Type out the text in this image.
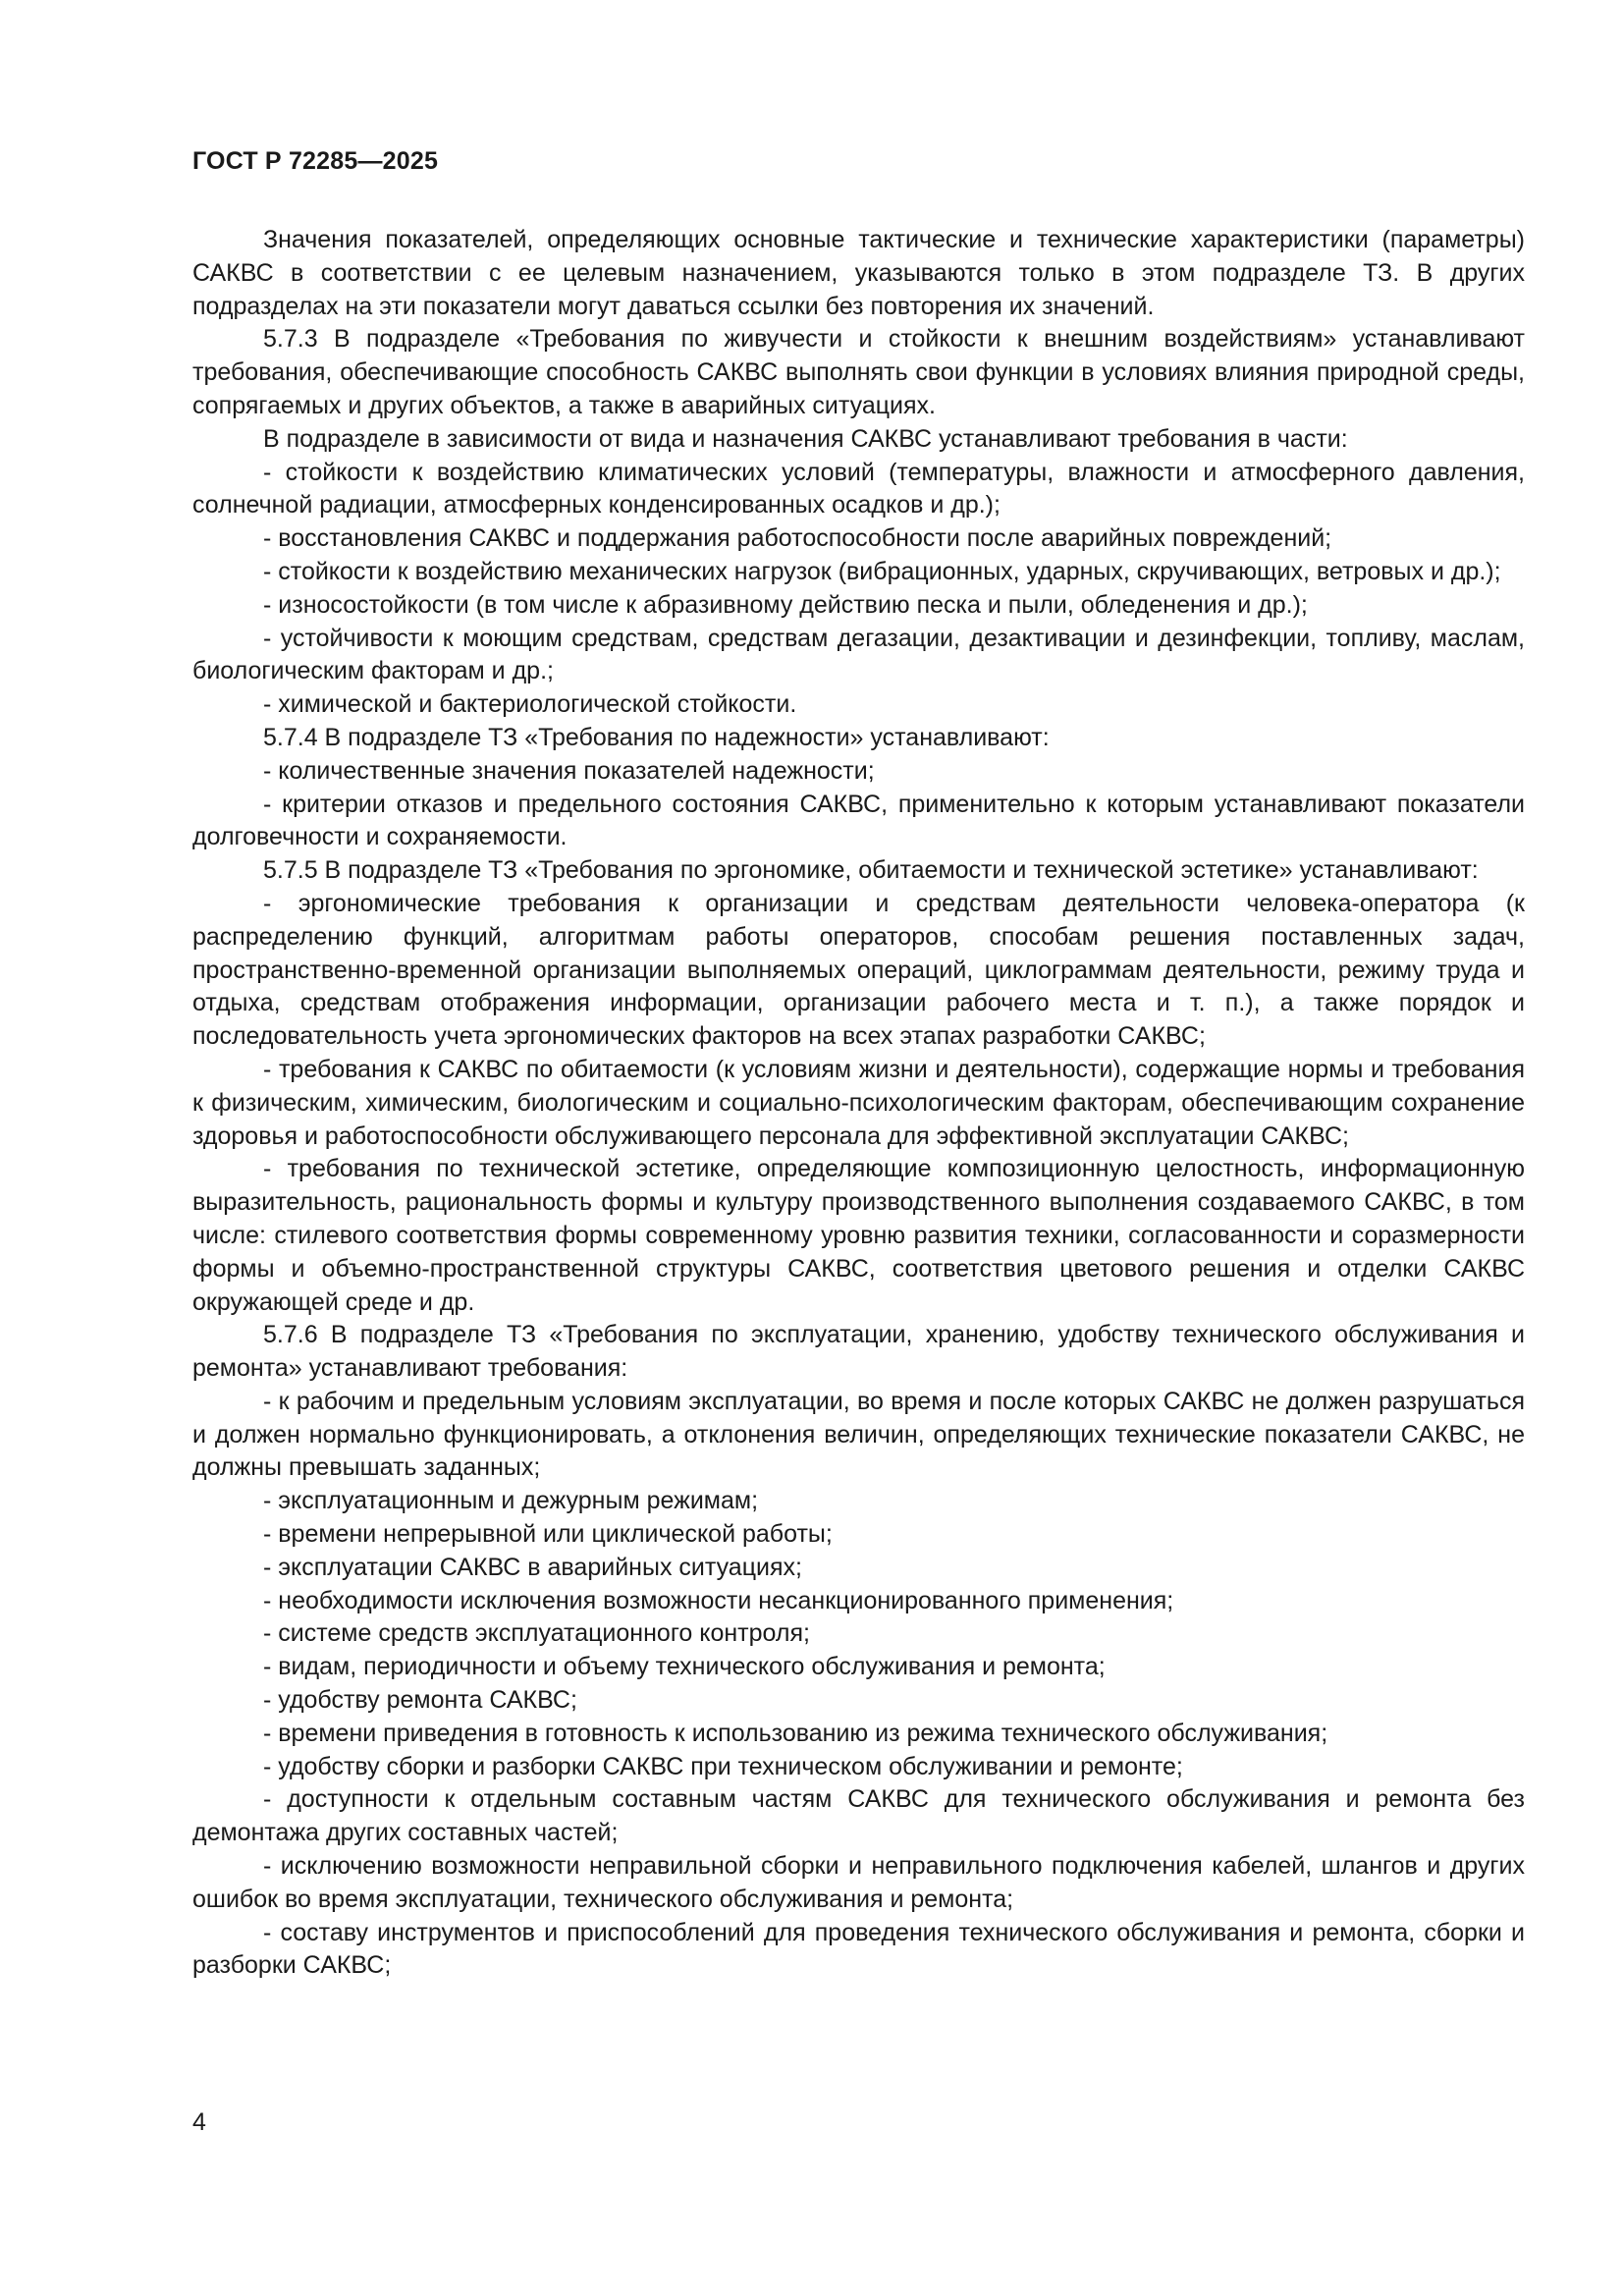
ГОСТ Р 72285—2025

Значения показателей, определяющих основные тактические и технические характеристики (параметры) САКВС в соответствии с ее целевым назначением, указываются только в этом подразделе ТЗ. В других подразделах на эти показатели могут даваться ссылки без повторения их значений.

5.7.3 В подразделе «Требования по живучести и стойкости к внешним воздействиям» устанавливают требования, обеспечивающие способность САКВС выполнять свои функции в условиях влияния природной среды, сопрягаемых и других объектов, а также в аварийных ситуациях.

В подразделе в зависимости от вида и назначения САКВС устанавливают требования в части:

- стойкости к воздействию климатических условий (температуры, влажности и атмосферного давления, солнечной радиации, атмосферных конденсированных осадков и др.);

- восстановления САКВС и поддержания работоспособности после аварийных повреждений;

- стойкости к воздействию механических нагрузок (вибрационных, ударных, скручивающих, ветровых и др.);

- износостойкости (в том числе к абразивному действию песка и пыли, обледенения и др.);

- устойчивости к моющим средствам, средствам дегазации, дезактивации и дезинфекции, топливу, маслам, биологическим факторам и др.;

- химической и бактериологической стойкости.

5.7.4 В подразделе ТЗ «Требования по надежности» устанавливают:

- количественные значения показателей надежности;

- критерии отказов и предельного состояния САКВС, применительно к которым устанавливают показатели долговечности и сохраняемости.

5.7.5 В подразделе ТЗ «Требования по эргономике, обитаемости и технической эстетике» устанавливают:

- эргономические требования к организации и средствам деятельности человека-оператора (к распределению функций, алгоритмам работы операторов, способам решения поставленных задач, пространственно-временной организации выполняемых операций, циклограммам деятельности, режиму труда и отдыха, средствам отображения информации, организации рабочего места и т. п.), а также порядок и последовательность учета эргономических факторов на всех этапах разработки САКВС;

- требования к САКВС по обитаемости (к условиям жизни и деятельности), содержащие нормы и требования к физическим, химическим, биологическим и социально-психологическим факторам, обеспечивающим сохранение здоровья и работоспособности обслуживающего персонала для эффективной эксплуатации САКВС;

- требования по технической эстетике, определяющие композиционную целостность, информационную выразительность, рациональность формы и культуру производственного выполнения создаваемого САКВС, в том числе: стилевого соответствия формы современному уровню развития техники, согласованности и соразмерности формы и объемно-пространственной структуры САКВС, соответствия цветового решения и отделки САКВС окружающей среде и др.

5.7.6 В подразделе ТЗ «Требования по эксплуатации, хранению, удобству технического обслуживания и ремонта» устанавливают требования:

- к рабочим и предельным условиям эксплуатации, во время и после которых САКВС не должен разрушаться и должен нормально функционировать, а отклонения величин, определяющих технические показатели САКВС, не должны превышать заданных;

- эксплуатационным и дежурным режимам;

- времени непрерывной или циклической работы;

- эксплуатации САКВС в аварийных ситуациях;

- необходимости исключения возможности несанкционированного применения;

- системе средств эксплуатационного контроля;

- видам, периодичности и объему технического обслуживания и ремонта;

- удобству ремонта САКВС;

- времени приведения в готовность к использованию из режима технического обслуживания;

- удобству сборки и разборки САКВС при техническом обслуживании и ремонте;

- доступности к отдельным составным частям САКВС для технического обслуживания и ремонта без демонтажа других составных частей;

- исключению возможности неправильной сборки и неправильного подключения кабелей, шлангов и других ошибок во время эксплуатации, технического обслуживания и ремонта;

- составу инструментов и приспособлений для проведения технического обслуживания и ремонта, сборки и разборки САКВС;

4
